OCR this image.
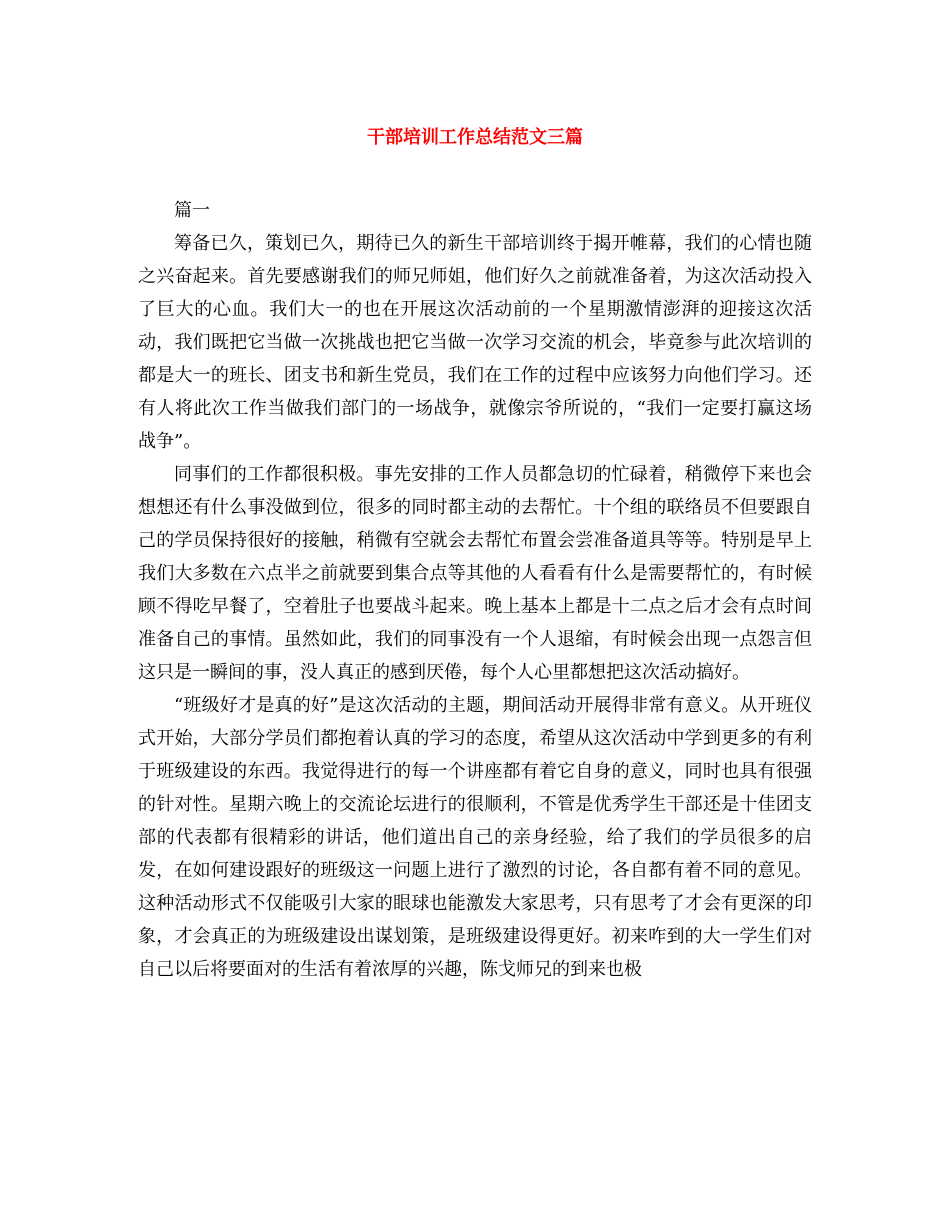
干部培训工作总结范文三篇

篇一

筹备已久，策划已久，期待已久的新生干部培训终于揭开帷幕，我们的心情也随之兴奋起来。首先要感谢我们的师兄师姐，他们好久之前就准备着，为这次活动投入了巨大的心血。我们大一的也在开展这次活动前的一个星期激情澎湃的迎接这次活动，我们既把它当做一次挑战也把它当做一次学习交流的机会，毕竟参与此次培训的都是大一的班长、团支书和新生党员，我们在工作的过程中应该努力向他们学习。还有人将此次工作当做我们部门的一场战争，就像宗爷所说的，“我们一定要打赢这场战争”。

同事们的工作都很积极。事先安排的工作人员都急切的忙碌着，稍微停下来也会想想还有什么事没做到位，很多的同时都主动的去帮忙。十个组的联络员不但要跟自己的学员保持很好的接触，稍微有空就会去帮忙布置会尝准备道具等等。特别是早上我们大多数在六点半之前就要到集合点等其他的人看看有什么是需要帮忙的，有时候顾不得吃早餐了，空着肚子也要战斗起来。晚上基本上都是十二点之后才会有点时间准备自己的事情。虽然如此，我们的同事没有一个人退缩，有时候会出现一点怨言但这只是一瞬间的事，没人真正的感到厌倦，每个人心里都想把这次活动搞好。

“班级好才是真的好”是这次活动的主题，期间活动开展得非常有意义。从开班仪式开始，大部分学员们都抱着认真的学习的态度，希望从这次活动中学到更多的有利于班级建设的东西。我觉得进行的每一个讲座都有着它自身的意义，同时也具有很强的针对性。星期六晚上的交流论坛进行的很顺利，不管是优秀学生干部还是十佳团支部的代表都有很精彩的讲话，他们道出自己的亲身经验，给了我们的学员很多的启发，在如何建设跟好的班级这一问题上进行了激烈的讨论，各自都有着不同的意见。这种活动形式不仅能吸引大家的眼球也能激发大家思考，只有思考了才会有更深的印象，才会真正的为班级建设出谋划策，是班级建设得更好。初来咋到的大一学生们对自己以后将要面对的生活有着浓厚的兴趣，陈戈师兄的到来也极
